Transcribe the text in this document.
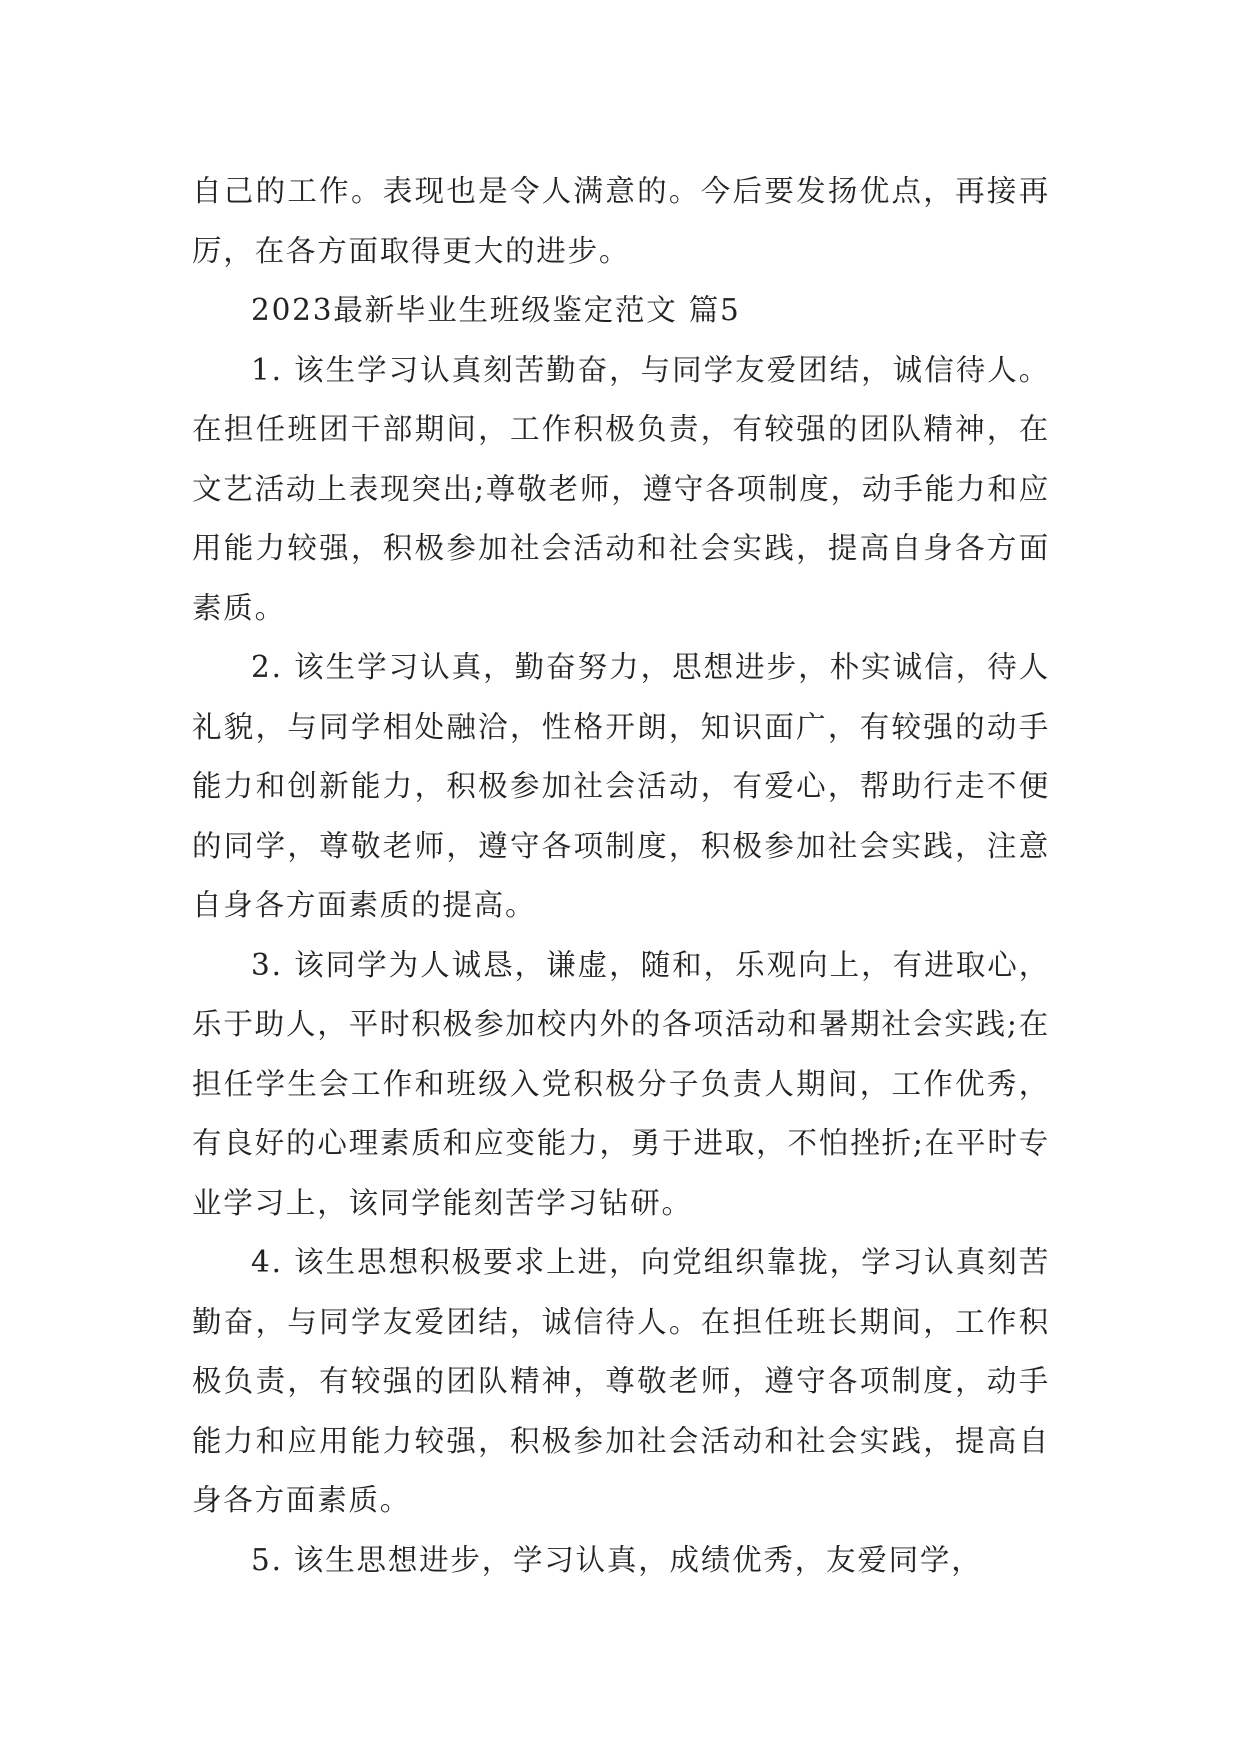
自己的工作。表现也是令人满意的。今后要发扬优点，再接再厉，在各方面取得更大的进步。

2023最新毕业生班级鉴定范文 篇5

1. 该生学习认真刻苦勤奋，与同学友爱团结，诚信待人。在担任班团干部期间，工作积极负责，有较强的团队精神，在文艺活动上表现突出;尊敬老师，遵守各项制度，动手能力和应用能力较强，积极参加社会活动和社会实践，提高自身各方面素质。

2. 该生学习认真，勤奋努力，思想进步，朴实诚信，待人礼貌，与同学相处融洽，性格开朗，知识面广，有较强的动手能力和创新能力，积极参加社会活动，有爱心，帮助行走不便的同学，尊敬老师，遵守各项制度，积极参加社会实践，注意自身各方面素质的提高。

3. 该同学为人诚恳，谦虚，随和，乐观向上，有进取心，乐于助人，平时积极参加校内外的各项活动和暑期社会实践;在担任学生会工作和班级入党积极分子负责人期间，工作优秀，有良好的心理素质和应变能力，勇于进取，不怕挫折;在平时专业学习上，该同学能刻苦学习钻研。

4. 该生思想积极要求上进，向党组织靠拢，学习认真刻苦勤奋，与同学友爱团结，诚信待人。在担任班长期间，工作积极负责，有较强的团队精神，尊敬老师，遵守各项制度，动手能力和应用能力较强，积极参加社会活动和社会实践，提高自身各方面素质。

5. 该生思想进步，学习认真，成绩优秀，友爱同学，
